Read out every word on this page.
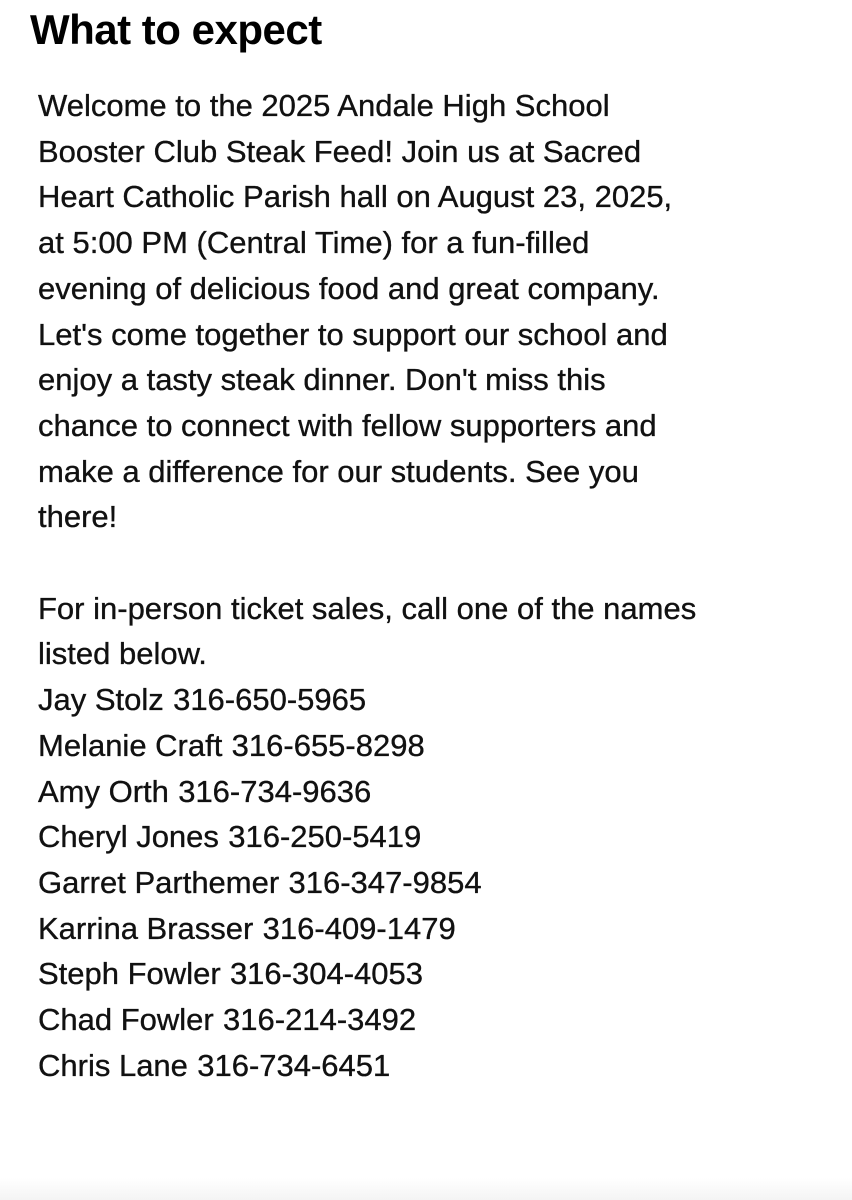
What to expect

Welcome to the 2025 Andale High School
Booster Club Steak Feed! Join us at Sacred
Heart Catholic Parish hall on August 23, 2025,
at 5:00 PM (Central Time) for a fun-filled
evening of delicious food and great company.
Let's come together to support our school and
enjoy a tasty steak dinner. Don't miss this
chance to connect with fellow supporters and
make a difference for our students. See you
there!

For in-person ticket sales, call one of the names
listed below.

Jay Stolz 316-650-5965
Melanie Craft 316-655-8298
Amy Orth 316-734-9636
Cheryl Jones 316-250-5419
Garret Parthemer 316-347-9854
Karrina Brasser 316-409-1479
Steph Fowler 316-304-4053
Chad Fowler 316-214-3492
Chris Lane 316-734-6451
